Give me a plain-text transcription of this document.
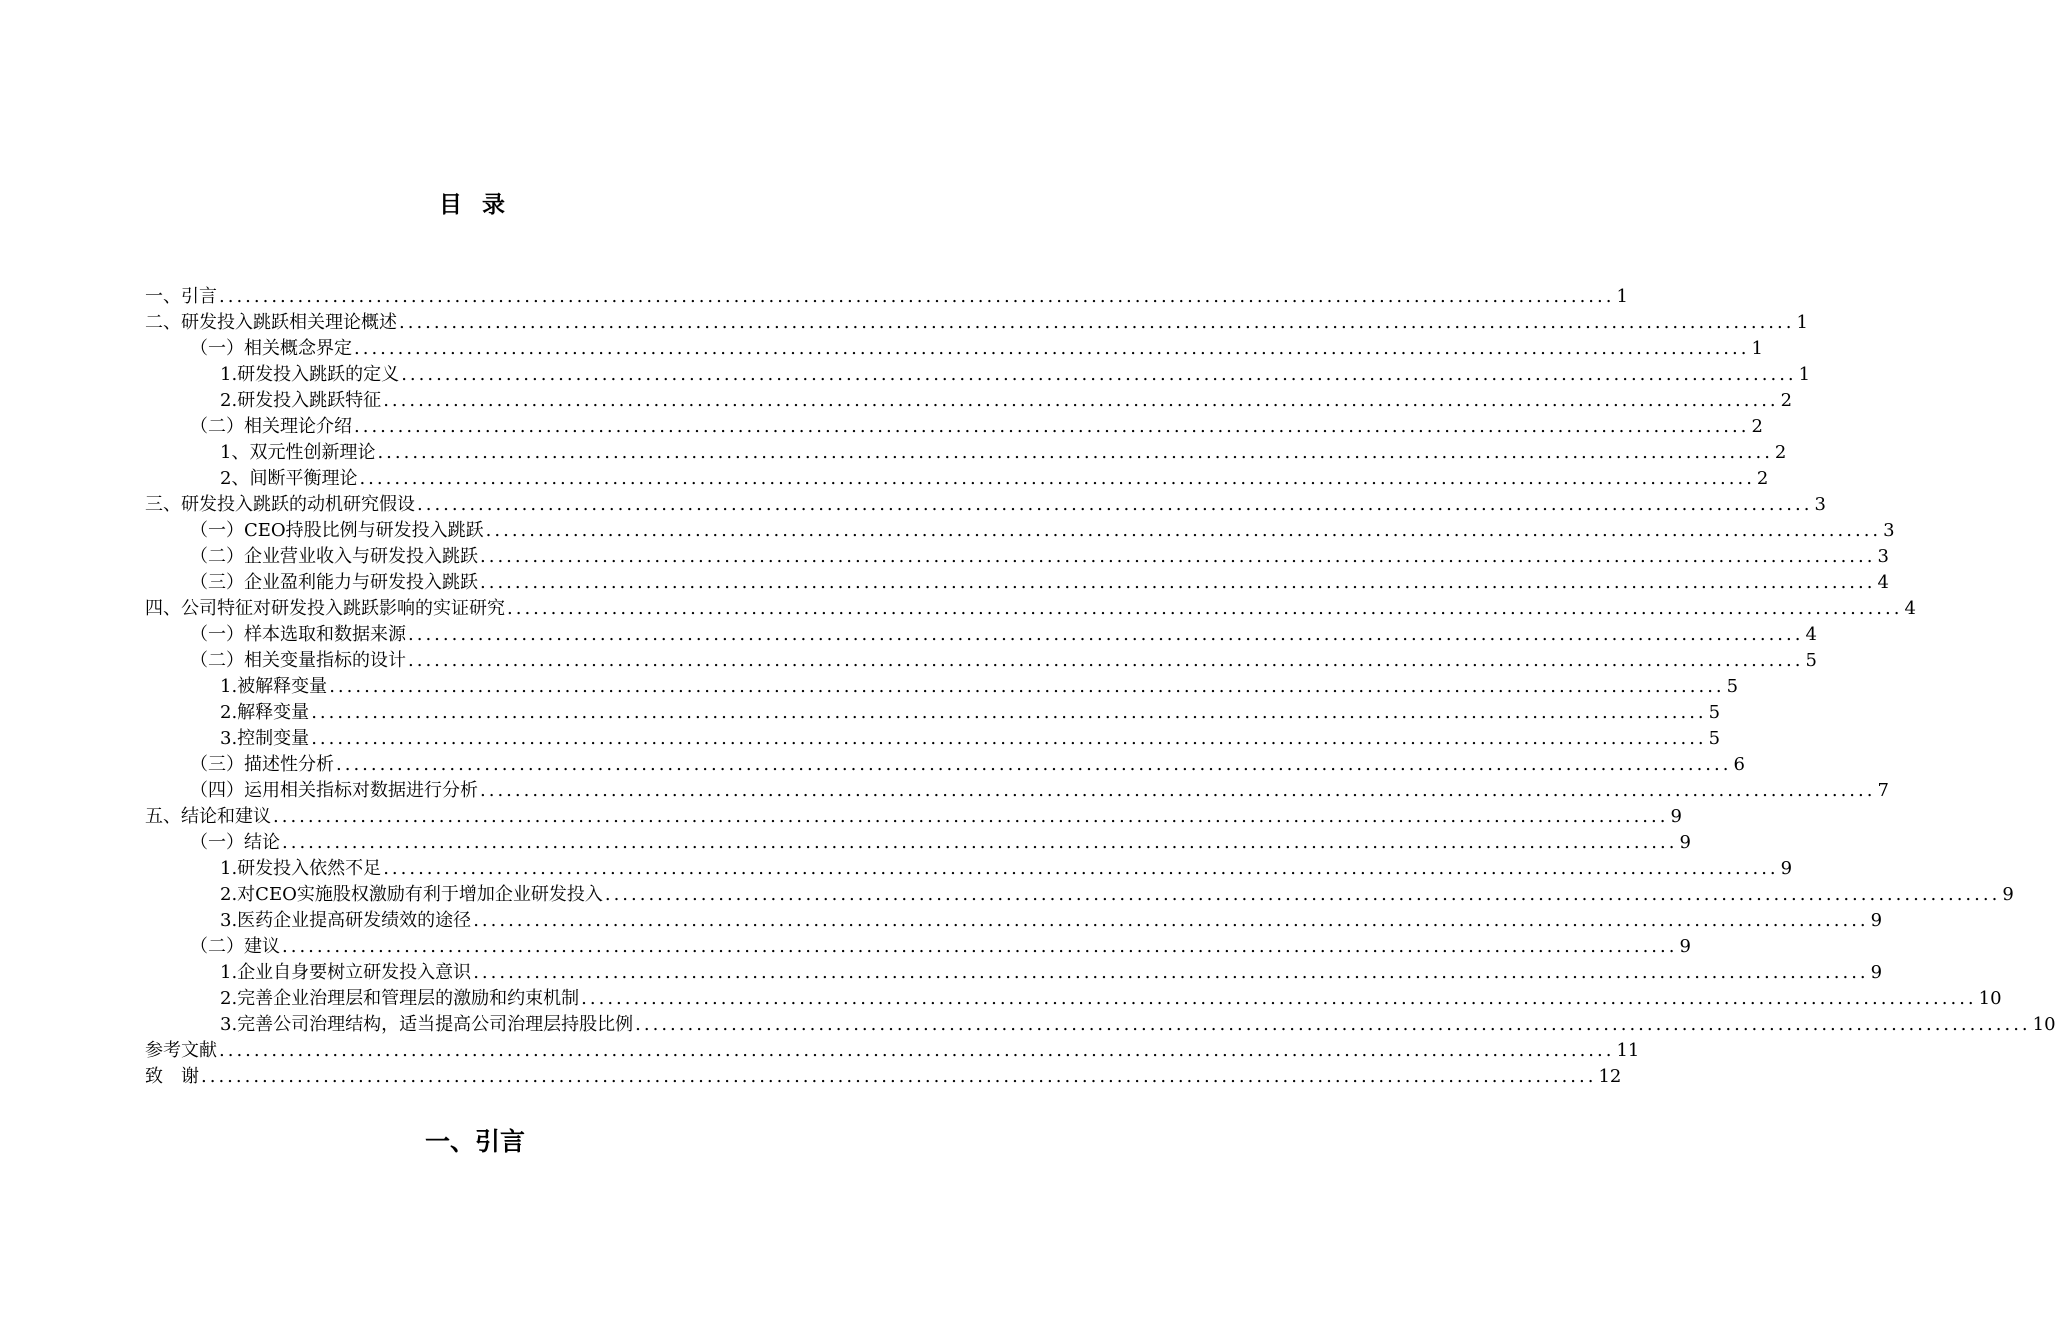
目 录
一、 引言 .....	1
二、 研发投入跳跃相关理论概述 .....	1
（一）相关概念界定 .....	1
1.研发投入跳跃的定义 .....	1
2.研发投入跳跃特征 .....	2
（二）相关理论介绍 .....	2
1、双元性创新理论 .....	2
2、间断平衡理论 .....	2
三、 研发投入跳跃的动机研究假设 .....	3
（一）CEO持股比例与研发投入跳跃 .....	3
（二）企业营业收入与研发投入跳跃 .....	3
（三）企业盈利能力与研发投入跳跃 .....	4
四、 公司特征对研发投入跳跃影响的实证研究 .....	4
（一）样本选取和数据来源 .....	4
（二）相关变量指标的设计 .....	5
1.被解释变量 .....	5
2.解释变量 .....	5
3.控制变量 .....	5
（三）描述性分析 .....	6
（四）运用相关指标对数据进行分析 .....	7
五、 结论和建议 .....	9
（一）结论 .....	9
1.研发投入依然不足 .....	9
2.对CEO实施股权激励有利于增加企业研发投入 .....	9
3.医药企业提高研发绩效的途径 .....	9
（二）建议 .....	9
1.企业自身要树立研发投入意识 .....	9
2.完善企业治理层和管理层的激励和约束机制 .....	10
3.完善公司治理结构，适当提高公司治理层持股比例 .....	10
参考文献 .....	11
致　谢 .....	12
一、引言
